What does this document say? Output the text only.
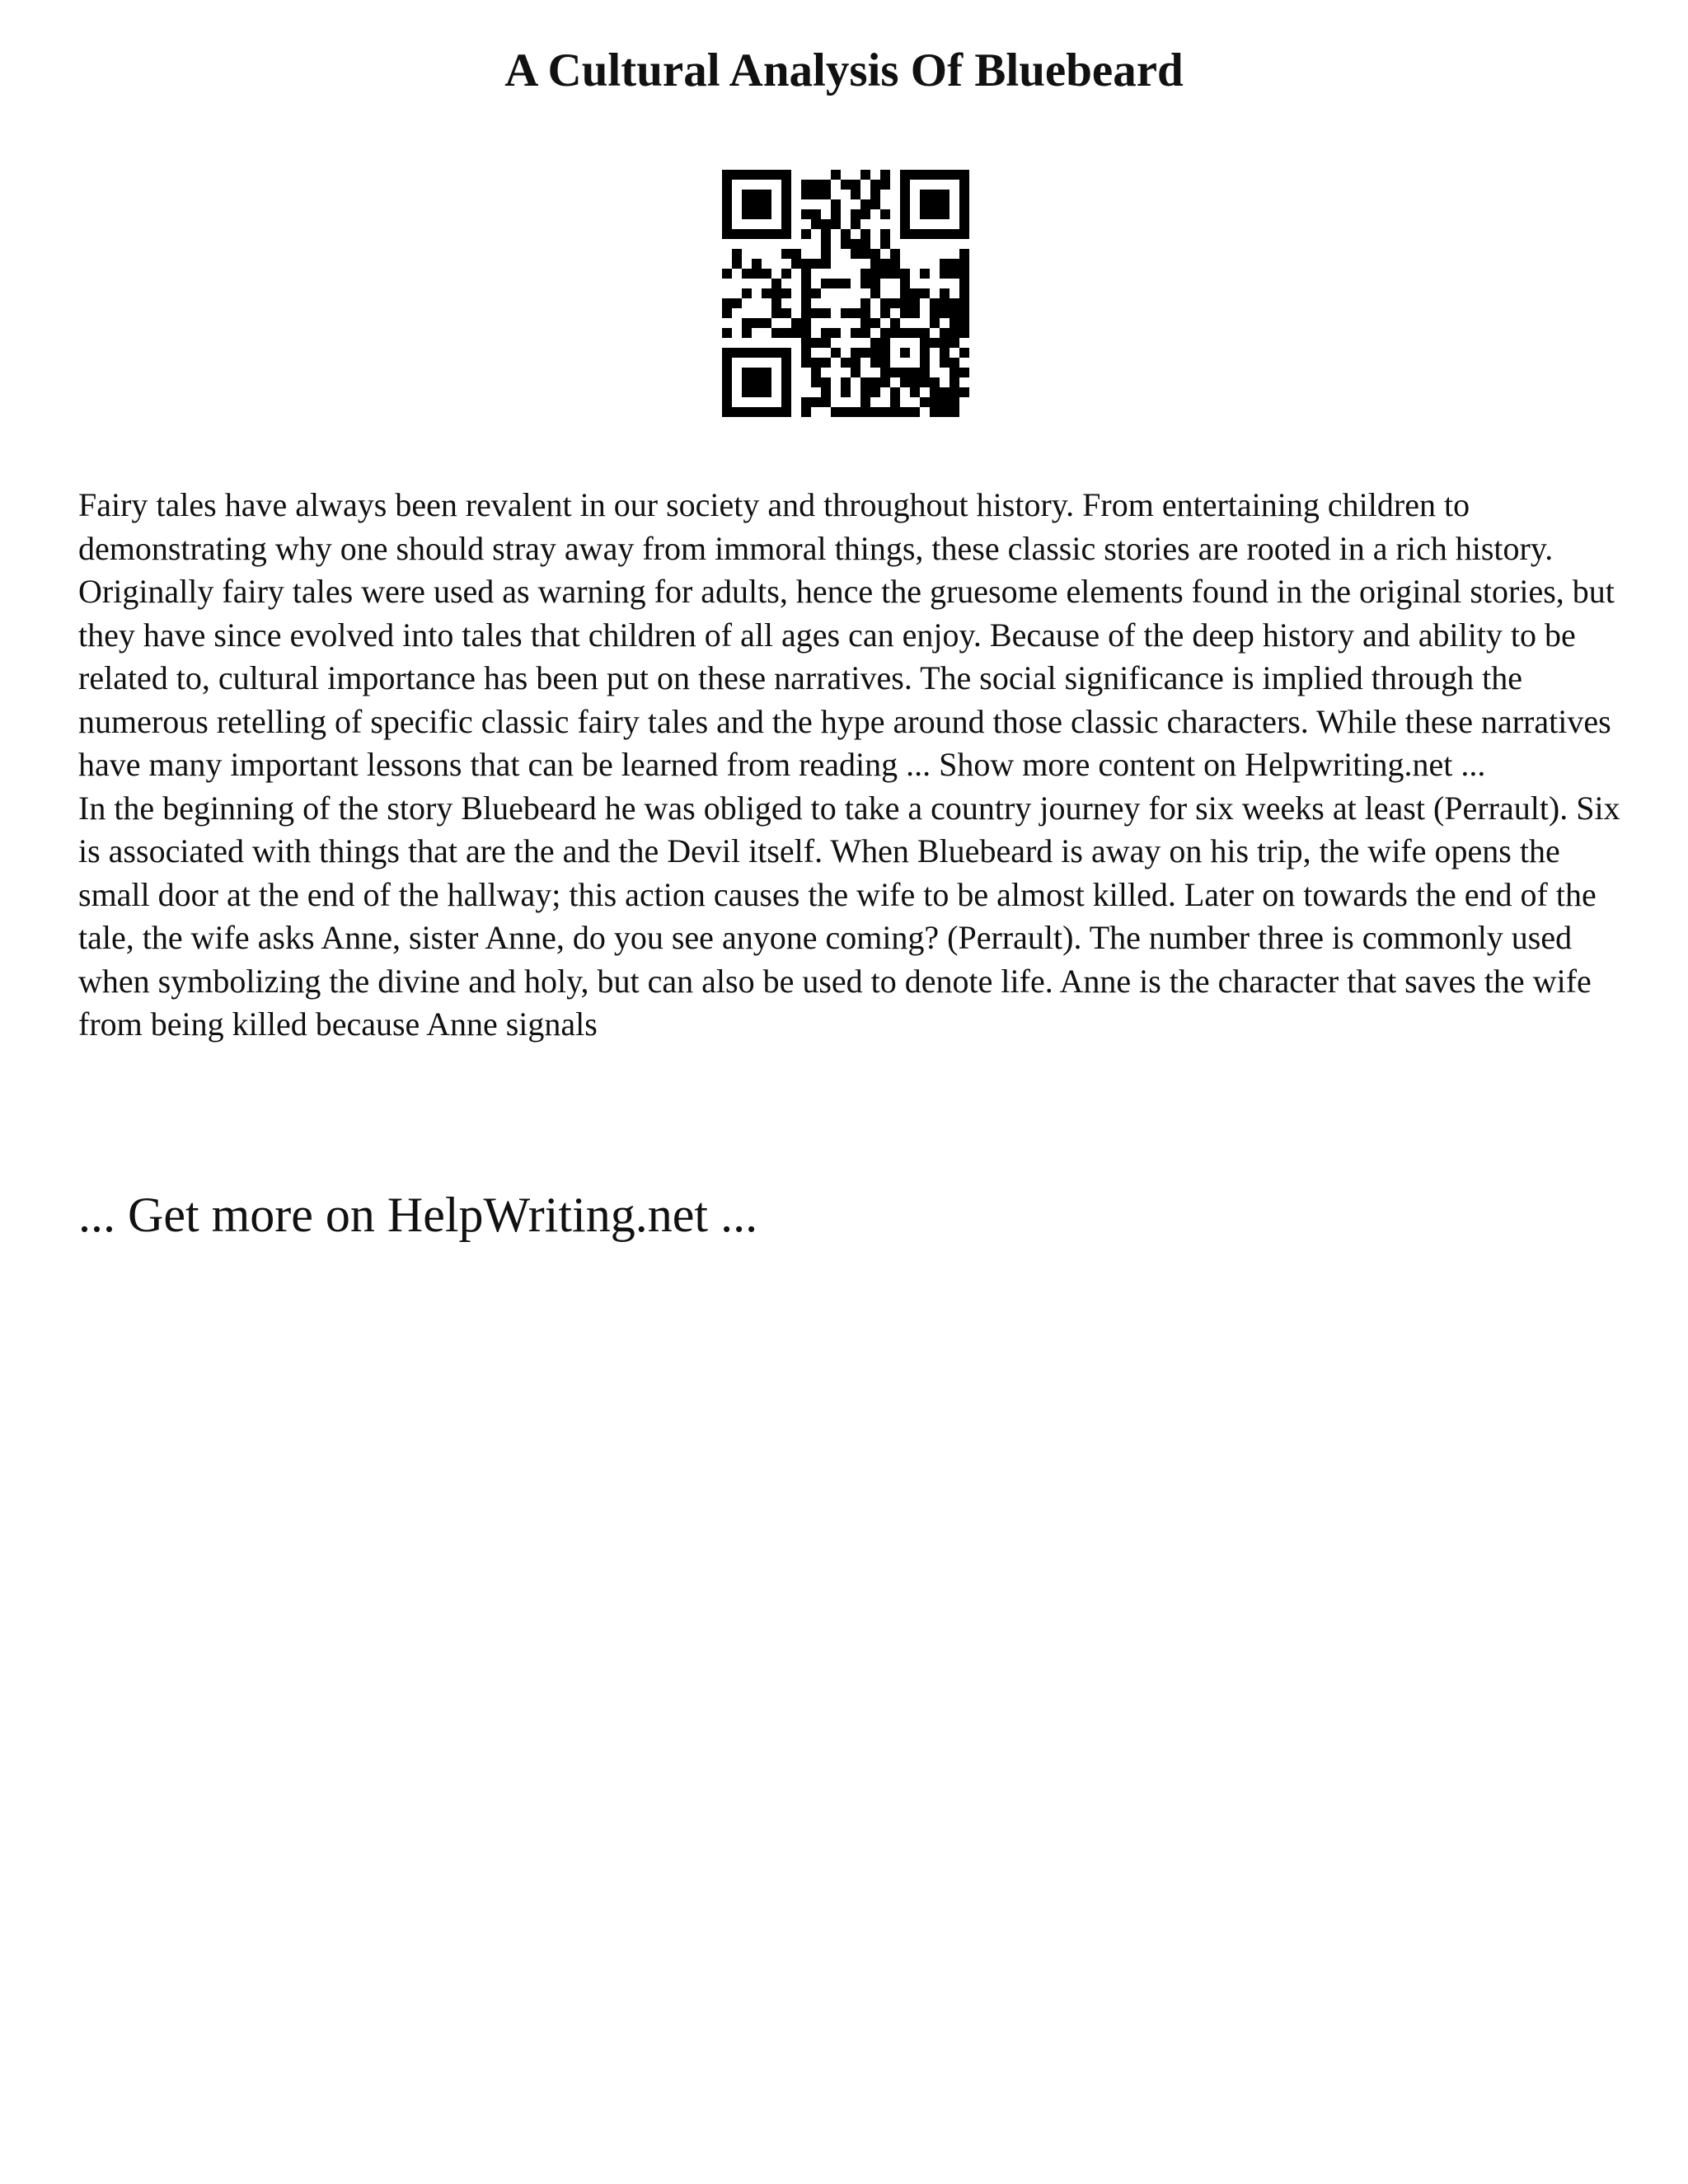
A Cultural Analysis Of Bluebeard

Fairy tales have always been revalent in our society and throughout history. From entertaining children to demonstrating why one should stray away from immoral things, these classic stories are rooted in a rich history. Originally fairy tales were used as warning for adults, hence the gruesome elements found in the original stories, but they have since evolved into tales that children of all ages can enjoy. Because of the deep history and ability to be related to, cultural importance has been put on these narratives. The social significance is implied through the numerous retelling of specific classic fairy tales and the hype around those classic characters. While these narratives have many important lessons that can be learned from reading ... Show more content on Helpwriting.net ...

In the beginning of the story Bluebeard he was obliged to take a country journey for six weeks at least (Perrault). Six is associated with things that are the and the Devil itself. When Bluebeard is away on his trip, the wife opens the small door at the end of the hallway; this action causes the wife to be almost killed. Later on towards the end of the tale, the wife asks Anne, sister Anne, do you see anyone coming? (Perrault). The number three is commonly used when symbolizing the divine and holy, but can also be used to denote life. Anne is the character that saves the wife from being killed because Anne signals

... Get more on HelpWriting.net ...
